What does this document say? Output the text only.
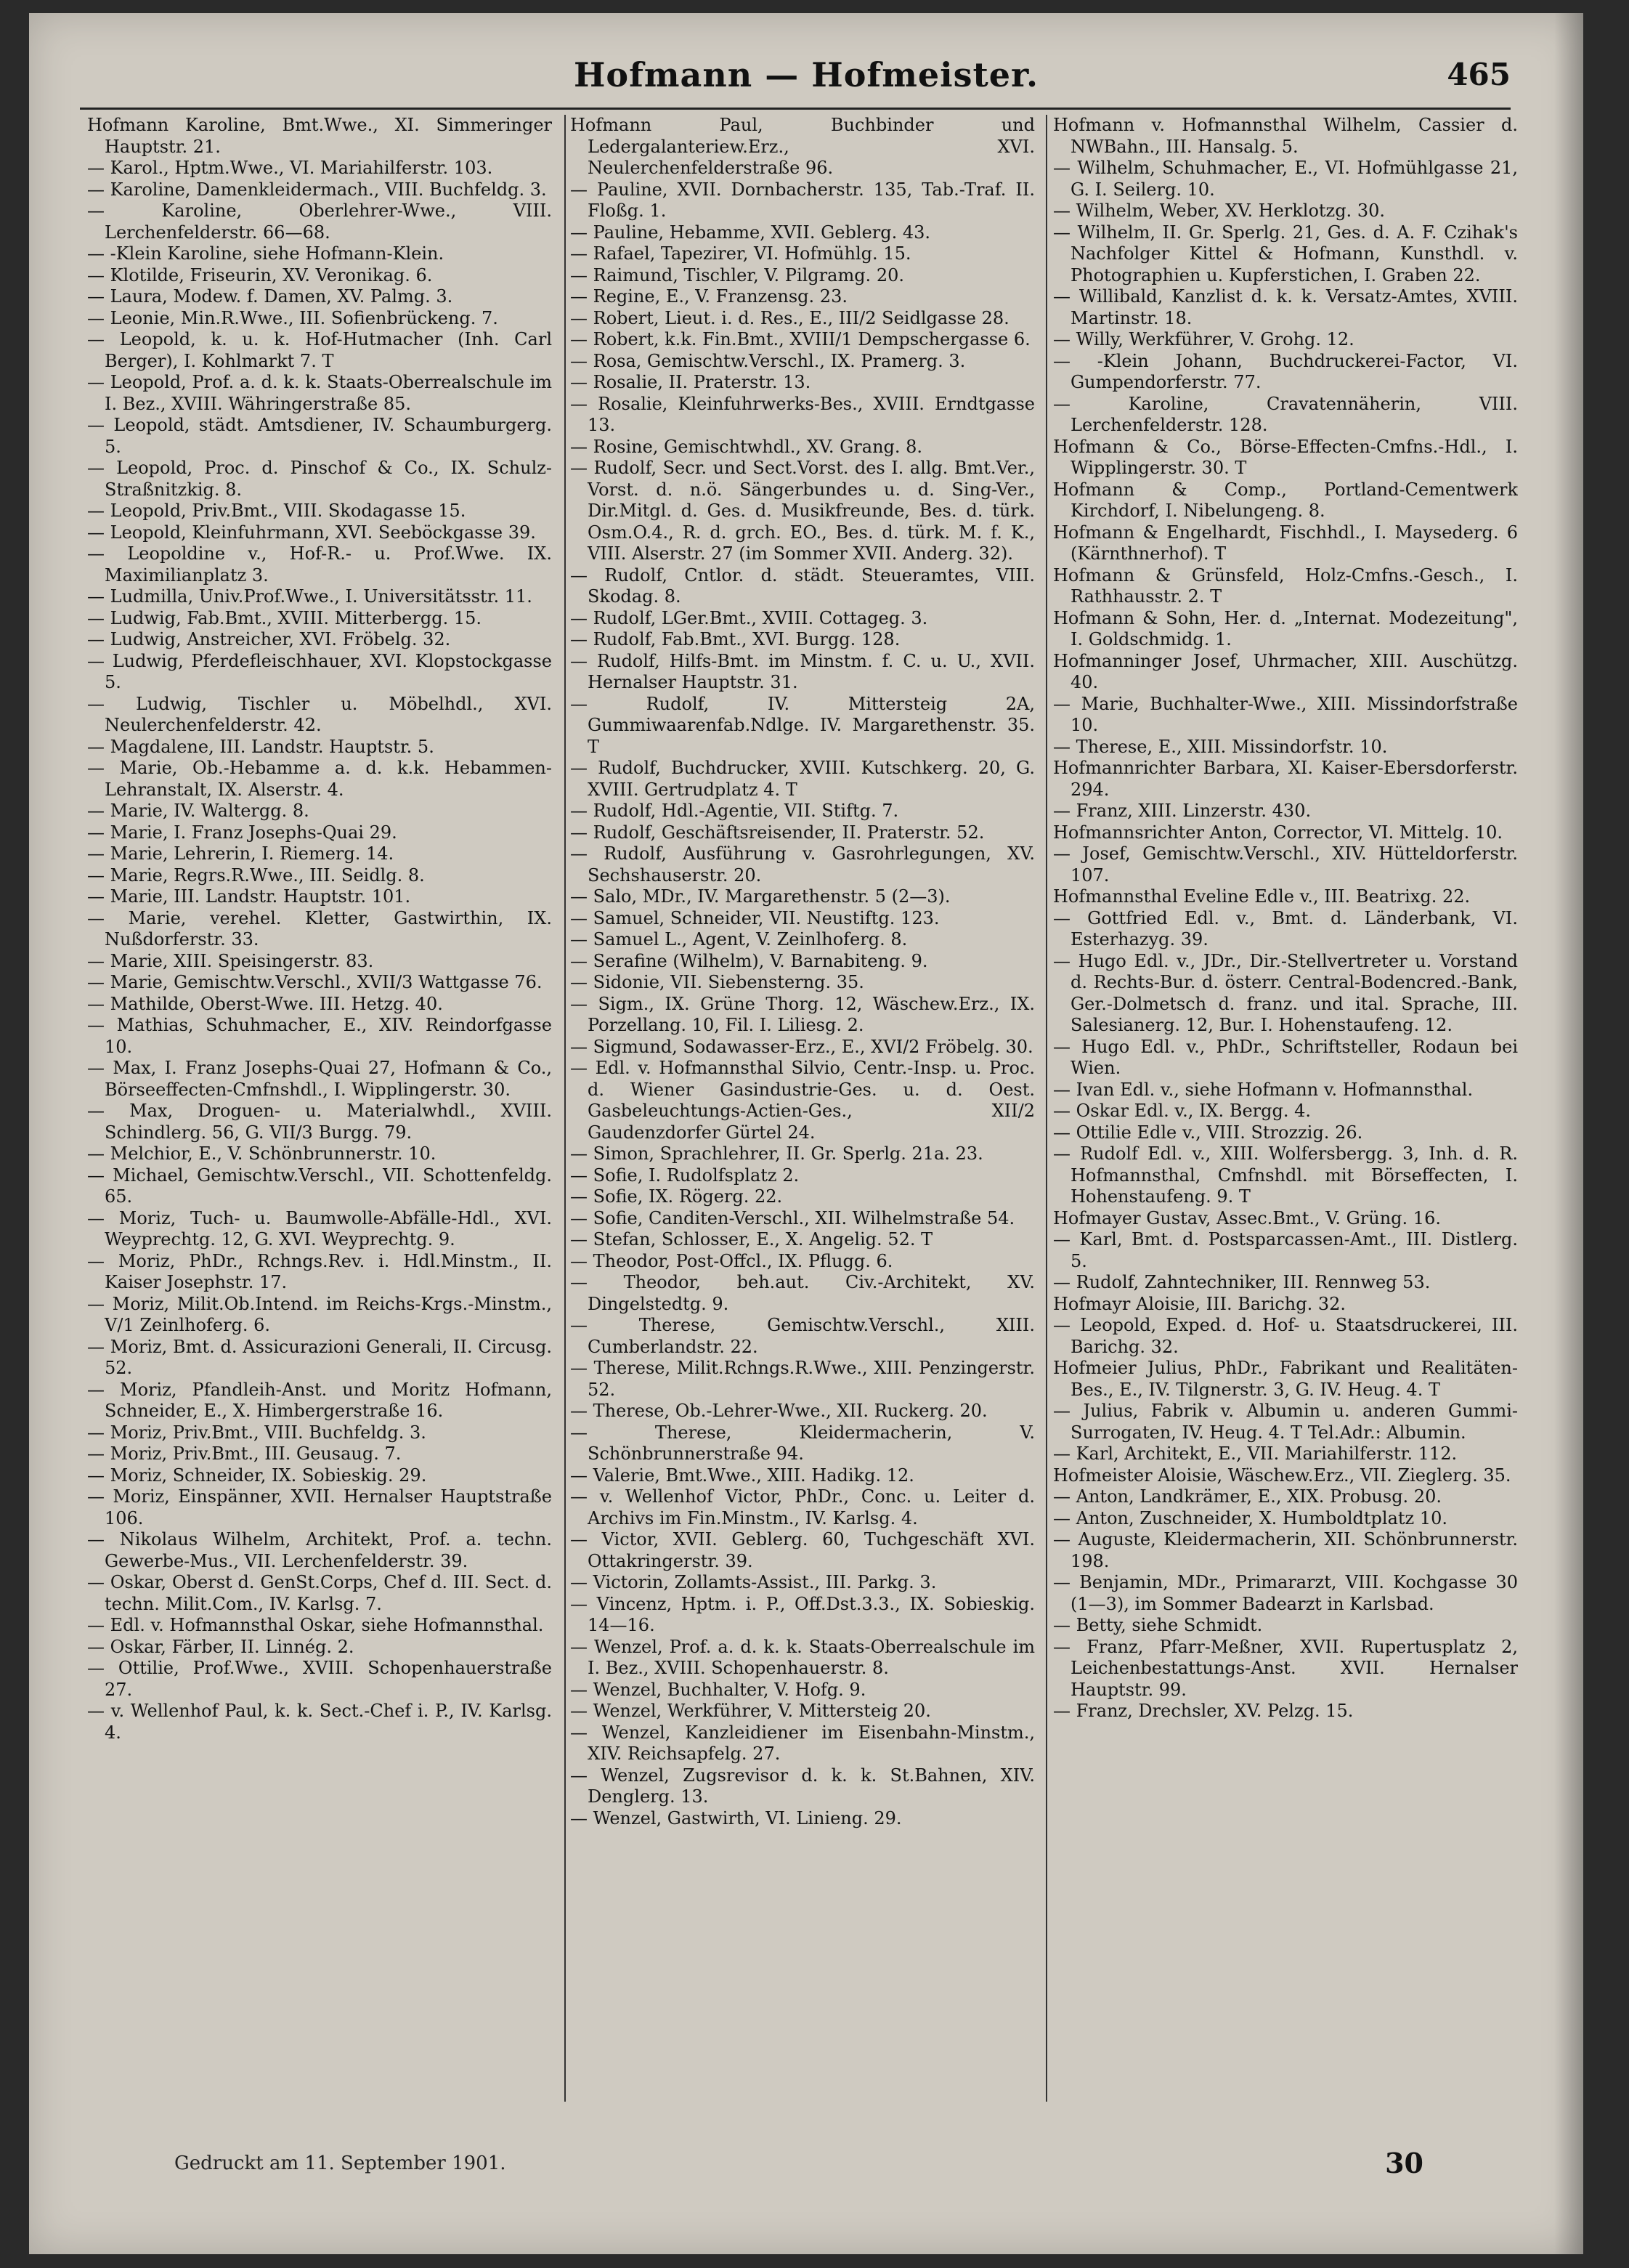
Hofmann — Hofmeister.	465
Hofmann Karoline, Bmt.Wwe., XI. Simmeringer Hauptstr. 21.
— Karol., Hptm.Wwe., VI. Mariahilferstr. 103.
— Karoline, Damenkleidermach., VIII. Buchfeldg. 3.
— Karoline, Oberlehrer-Wwe., VIII. Lerchenfelderstr. 66—68.
— -Klein Karoline, siehe Hofmann-Klein.
— Klotilde, Friseurin, XV. Veronikag. 6.
— Laura, Modew. f. Damen, XV. Palmg. 3.
— Leonie, Min.R.Wwe., III. Sofienbrückeng. 7.
— Leopold, k. u. k. Hof-Hutmacher (Inh. Carl Berger), I. Kohlmarkt 7. T
— Leopold, Prof. a. d. k. k. Staats-Oberrealschule im I. Bez., XVIII. Währingerstraße 85.
— Leopold, städt. Amtsdiener, IV. Schaumburgerg. 5.
— Leopold, Proc. d. Pinschof & Co., IX. Schulz-Straßnitzkig. 8.
— Leopold, Priv.Bmt., VIII. Skodagasse 15.
— Leopold, Kleinfuhrmann, XVI. Seeböckgasse 39.
— Leopoldine v., Hof-R.- u. Prof.Wwe. IX. Maximilianplatz 3.
— Ludmilla, Univ.Prof.Wwe., I. Universitätsstr. 11.
— Ludwig, Fab.Bmt., XVIII. Mitterbergg. 15.
— Ludwig, Anstreicher, XVI. Fröbelg. 32.
— Ludwig, Pferdefleischhauer, XVI. Klopstockgasse 5.
— Ludwig, Tischler u. Möbelhdl., XVI. Neulerchenfelderstr. 42.
— Magdalene, III. Landstr. Hauptstr. 5.
— Marie, Ob.-Hebamme a. d. k.k. Hebammen-Lehranstalt, IX. Alserstr. 4.
— Marie, IV. Waltergg. 8.
— Marie, I. Franz Josephs-Quai 29.
— Marie, Lehrerin, I. Riemerg. 14.
— Marie, Regrs.R.Wwe., III. Seidlg. 8.
— Marie, III. Landstr. Hauptstr. 101.
— Marie, verehel. Kletter, Gastwirthin, IX. Nußdorferstr. 33.
— Marie, XIII. Speisingerstr. 83.
— Marie, Gemischtw.Verschl., XVII/3 Wattgasse 76.
— Mathilde, Oberst-Wwe. III. Hetzg. 40.
— Mathias, Schuhmacher, E., XIV. Reindorfgasse 10.
— Max, I. Franz Josephs-Quai 27, Hofmann & Co., Börseeffecten-Cmfnshdl., I. Wipplingerstr. 30.
— Max, Droguen- u. Materialwhdl., XVIII. Schindlerg. 56, G. VII/3 Burgg. 79.
— Melchior, E., V. Schönbrunnerstr. 10.
— Michael, Gemischtw.Verschl., VII. Schottenfeldg. 65.
— Moriz, Tuch- u. Baumwolle-Abfälle-Hdl., XVI. Weyprechtg. 12, G. XVI. Weyprechtg. 9.
— Moriz, PhDr., Rchngs.Rev. i. Hdl.Minstm., II. Kaiser Josephstr. 17.
— Moriz, Milit.Ob.Intend. im Reichs-Krgs.-Minstm., V/1 Zeinlhoferg. 6.
— Moriz, Bmt. d. Assicurazioni Generali, II. Circusg. 52.
— Moriz, Pfandleih-Anst. und Moritz Hofmann, Schneider, E., X. Himbergerstraße 16.
— Moriz, Priv.Bmt., VIII. Buchfeldg. 3.
— Moriz, Priv.Bmt., III. Geusaug. 7.
— Moriz, Schneider, IX. Sobieskig. 29.
— Moriz, Einspänner, XVII. Hernalser Hauptstraße 106.
— Nikolaus Wilhelm, Architekt, Prof. a. techn. Gewerbe-Mus., VII. Lerchenfelderstr. 39.
— Oskar, Oberst d. GenSt.Corps, Chef d. III. Sect. d. techn. Milit.Com., IV. Karlsg. 7.
— Edl. v. Hofmannsthal Oskar, siehe Hofmannsthal.
— Oskar, Färber, II. Linnég. 2.
— Ottilie, Prof.Wwe., XVIII. Schopenhauerstraße 27.
— v. Wellenhof Paul, k. k. Sect.-Chef i. P., IV. Karlsg. 4.
Hofmann Paul, Buchbinder und Ledergalanteriew.Erz., XVI. Neulerchenfelderstraße 96.
— Pauline, XVII. Dornbacherstr. 135, Tab.-Traf. II. Floßg. 1.
— Pauline, Hebamme, XVII. Geblerg. 43.
— Rafael, Tapezirer, VI. Hofmühlg. 15.
— Raimund, Tischler, V. Pilgramg. 20.
— Regine, E., V. Franzensg. 23.
— Robert, Lieut. i. d. Res., E., III/2 Seidlgasse 28.
— Robert, k.k. Fin.Bmt., XVIII/1 Dempschergasse 6.
— Rosa, Gemischtw.Verschl., IX. Pramerg. 3.
— Rosalie, II. Praterstr. 13.
— Rosalie, Kleinfuhrwerks-Bes., XVIII. Erndtgasse 13.
— Rosine, Gemischtwhdl., XV. Grang. 8.
— Rudolf, Secr. und Sect.Vorst. des I. allg. Bmt.Ver., Vorst. d. n.ö. Sängerbundes u. d. Sing-Ver., Dir.Mitgl. d. Ges. d. Musikfreunde, Bes. d. türk. Osm.O.4., R. d. grch. EO., Bes. d. türk. M. f. K., VIII. Alserstr. 27 (im Sommer XVII. Anderg. 32).
— Rudolf, Cntlor. d. städt. Steueramtes, VIII. Skodag. 8.
— Rudolf, LGer.Bmt., XVIII. Cottageg. 3.
— Rudolf, Fab.Bmt., XVI. Burgg. 128.
— Rudolf, Hilfs-Bmt. im Minstm. f. C. u. U., XVII. Hernalser Hauptstr. 31.
— Rudolf, IV. Mittersteig 2A, Gummiwaarenfab.Ndlge. IV. Margarethenstr. 35. T
— Rudolf, Buchdrucker, XVIII. Kutschkerg. 20, G. XVIII. Gertrudplatz 4. T
— Rudolf, Hdl.-Agentie, VII. Stiftg. 7.
— Rudolf, Geschäftsreisender, II. Praterstr. 52.
— Rudolf, Ausführung v. Gasrohrlegungen, XV. Sechshauserstr. 20.
— Salo, MDr., IV. Margarethenstr. 5 (2—3).
— Samuel, Schneider, VII. Neustiftg. 123.
— Samuel L., Agent, V. Zeinlhoferg. 8.
— Serafine (Wilhelm), V. Barnabiteng. 9.
— Sidonie, VII. Siebensterng. 35.
— Sigm., IX. Grüne Thorg. 12, Wäschew.Erz., IX. Porzellang. 10, Fil. I. Liliesg. 2.
— Sigmund, Sodawasser-Erz., E., XVI/2 Fröbelg. 30.
— Edl. v. Hofmannsthal Silvio, Centr.-Insp. u. Proc. d. Wiener Gasindustrie-Ges. u. d. Oest. Gasbeleuchtungs-Actien-Ges., XII/2 Gaudenzdorfer Gürtel 24.
— Simon, Sprachlehrer, II. Gr. Sperlg. 21a. 23.
— Sofie, I. Rudolfsplatz 2.
— Sofie, IX. Rögerg. 22.
— Sofie, Canditen-Verschl., XII. Wilhelmstraße 54.
— Stefan, Schlosser, E., X. Angelig. 52. T
— Theodor, Post-Offcl., IX. Pflugg. 6.
— Theodor, beh.aut. Civ.-Architekt, XV. Dingelstedtg. 9.
— Therese, Gemischtw.Verschl., XIII. Cumberlandstr. 22.
— Therese, Milit.Rchngs.R.Wwe., XIII. Penzingerstr. 52.
— Therese, Ob.-Lehrer-Wwe., XII. Ruckerg. 20.
— Therese, Kleidermacherin, V. Schönbrunnerstraße 94.
— Valerie, Bmt.Wwe., XIII. Hadikg. 12.
— v. Wellenhof Victor, PhDr., Conc. u. Leiter d. Archivs im Fin.Minstm., IV. Karlsg. 4.
— Victor, XVII. Geblerg. 60, Tuchgeschäft XVI. Ottakringerstr. 39.
— Victorin, Zollamts-Assist., III. Parkg. 3.
— Vincenz, Hptm. i. P., Off.Dst.3.3., IX. Sobieskig. 14—16.
— Wenzel, Prof. a. d. k. k. Staats-Oberrealschule im I. Bez., XVIII. Schopenhauerstr. 8.
— Wenzel, Buchhalter, V. Hofg. 9.
— Wenzel, Werkführer, V. Mittersteig 20.
— Wenzel, Kanzleidiener im Eisenbahn-Minstm., XIV. Reichsapfelg. 27.
— Wenzel, Zugsrevisor d. k. k. St.Bahnen, XIV. Denglerg. 13.
— Wenzel, Gastwirth, VI. Linieng. 29.
Hofmann v. Hofmannsthal Wilhelm, Cassier d. NWBahn., III. Hansalg. 5.
— Wilhelm, Schuhmacher, E., VI. Hofmühlgasse 21, G. I. Seilerg. 10.
— Wilhelm, Weber, XV. Herklotzg. 30.
— Wilhelm, II. Gr. Sperlg. 21, Ges. d. A. F. Czihak's Nachfolger Kittel & Hofmann, Kunsthdl. v. Photographien u. Kupferstichen, I. Graben 22.
— Willibald, Kanzlist d. k. k. Versatz-Amtes, XVIII. Martinstr. 18.
— Willy, Werkführer, V. Grohg. 12.
— -Klein Johann, Buchdruckerei-Factor, VI. Gumpendorferstr. 77.
— Karoline, Cravatennäherin, VIII. Lerchenfelderstr. 128.
Hofmann & Co., Börse-Effecten-Cmfns.-Hdl., I. Wipplingerstr. 30. T
Hofmann & Comp., Portland-Cementwerk Kirchdorf, I. Nibelungeng. 8.
Hofmann & Engelhardt, Fischhdl., I. Maysederg. 6 (Kärnthnerhof). T
Hofmann & Grünsfeld, Holz-Cmfns.-Gesch., I. Rathhausstr. 2. T
Hofmann & Sohn, Her. d. „Internat. Modezeitung", I. Goldschmidg. 1.
Hofmanninger Josef, Uhrmacher, XIII. Auschützg. 40.
— Marie, Buchhalter-Wwe., XIII. Missindorfstraße 10.
— Therese, E., XIII. Missindorfstr. 10.
Hofmannrichter Barbara, XI. Kaiser-Ebersdorferstr. 294.
— Franz, XIII. Linzerstr. 430.
Hofmannsrichter Anton, Corrector, VI. Mittelg. 10.
— Josef, Gemischtw.Verschl., XIV. Hütteldorferstr. 107.
Hofmannsthal Eveline Edle v., III. Beatrixg. 22.
— Gottfried Edl. v., Bmt. d. Länderbank, VI. Esterhazyg. 39.
— Hugo Edl. v., JDr., Dir.-Stellvertreter u. Vorstand d. Rechts-Bur. d. österr. Central-Bodencred.-Bank, Ger.-Dolmetsch d. franz. und ital. Sprache, III. Salesianerg. 12, Bur. I. Hohenstaufeng. 12.
— Hugo Edl. v., PhDr., Schriftsteller, Rodaun bei Wien.
— Ivan Edl. v., siehe Hofmann v. Hofmannsthal.
— Oskar Edl. v., IX. Bergg. 4.
— Ottilie Edle v., VIII. Strozzig. 26.
— Rudolf Edl. v., XIII. Wolfersbergg. 3, Inh. d. R. Hofmannsthal, Cmfnshdl. mit Börseffecten, I. Hohenstaufeng. 9. T
Hofmayer Gustav, Assec.Bmt., V. Grüng. 16.
— Karl, Bmt. d. Postsparcassen-Amt., III. Distlerg. 5.
— Rudolf, Zahntechniker, III. Rennweg 53.
Hofmayr Aloisie, III. Barichg. 32.
— Leopold, Exped. d. Hof- u. Staatsdruckerei, III. Barichg. 32.
Hofmeier Julius, PhDr., Fabrikant und Realitäten-Bes., E., IV. Tilgnerstr. 3, G. IV. Heug. 4. T
— Julius, Fabrik v. Albumin u. anderen Gummi-Surrogaten, IV. Heug. 4. T Tel.Adr.: Albumin.
— Karl, Architekt, E., VII. Mariahilferstr. 112.
Hofmeister Aloisie, Wäschew.Erz., VII. Zieglerg. 35.
— Anton, Landkrämer, E., XIX. Probusg. 20.
— Anton, Zuschneider, X. Humboldtplatz 10.
— Auguste, Kleidermacherin, XII. Schönbrunnerstr. 198.
— Benjamin, MDr., Primararzt, VIII. Kochgasse 30 (1—3), im Sommer Badearzt in Karlsbad.
— Betty, siehe Schmidt.
— Franz, Pfarr-Meßner, XVII. Rupertusplatz 2, Leichenbestattungs-Anst. XVII. Hernalser Hauptstr. 99.
— Franz, Drechsler, XV. Pelzg. 15.
Gedruckt am 11. September 1901.	30
